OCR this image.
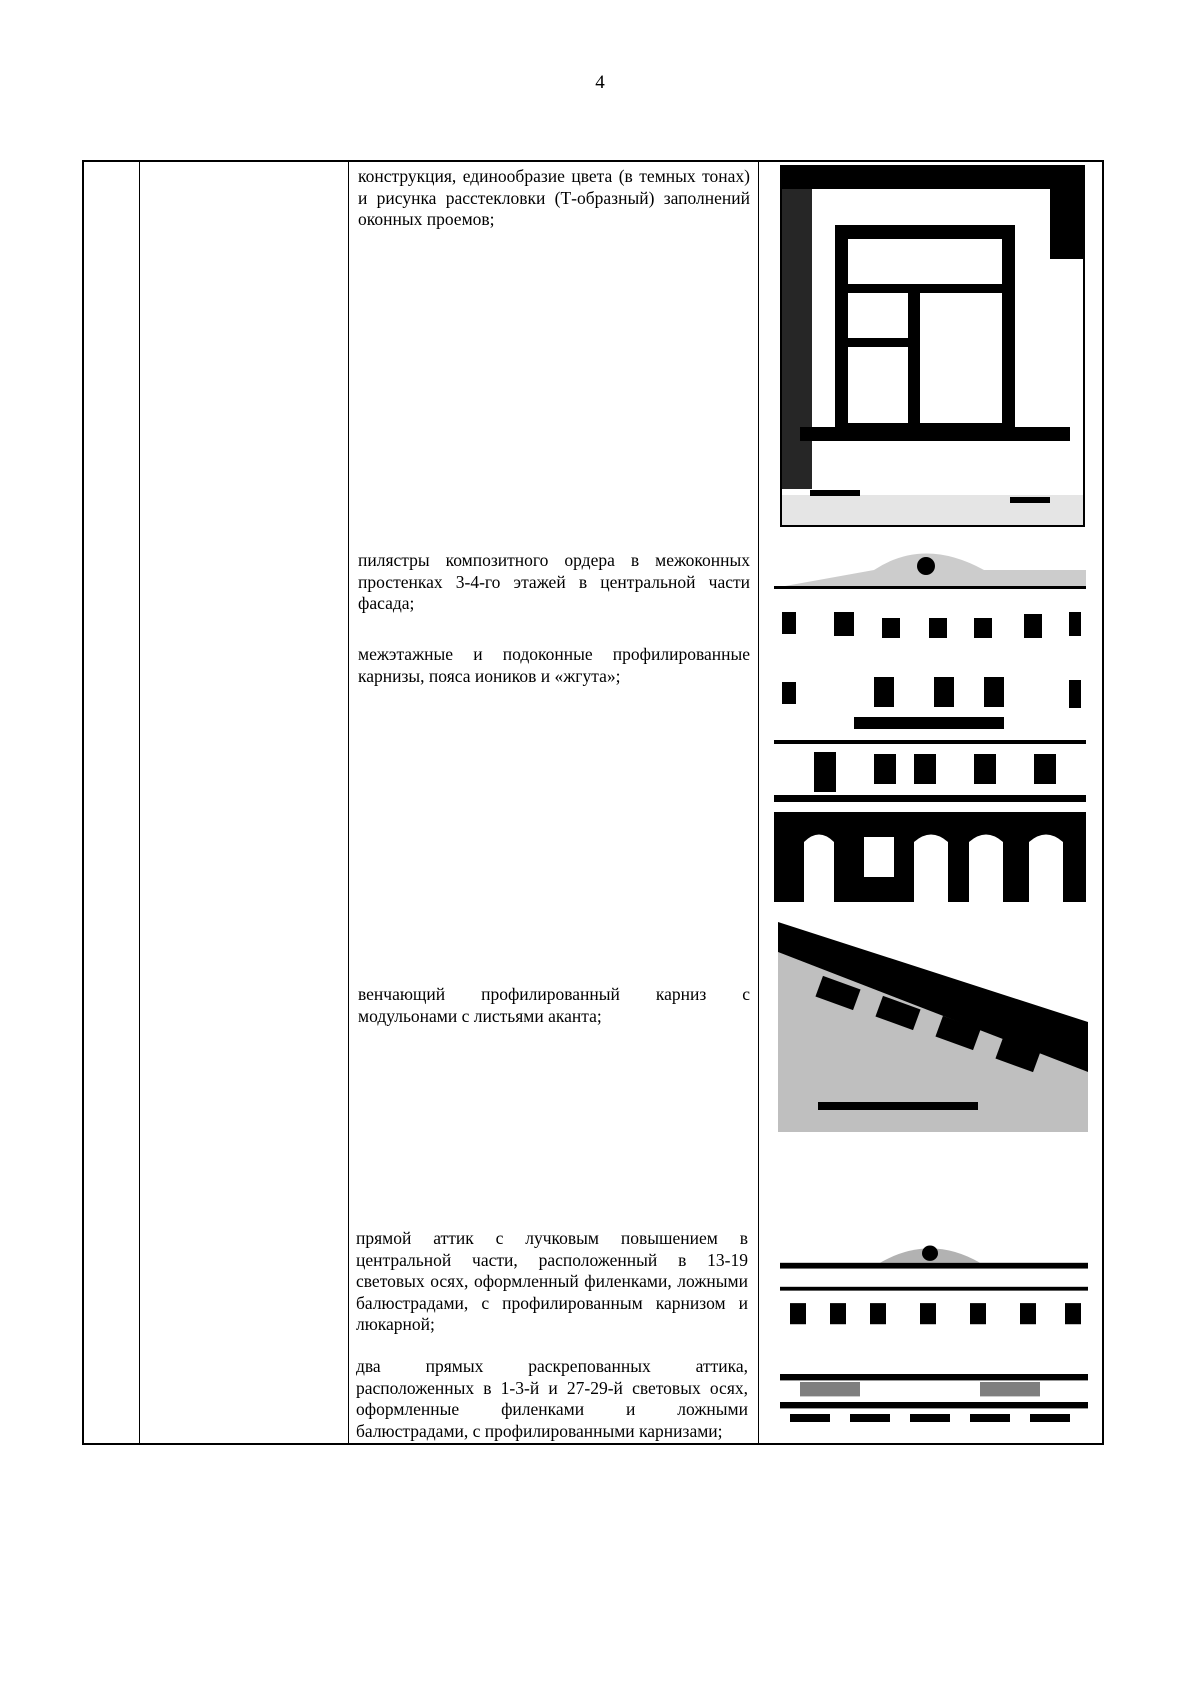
4
конструкция, единообразие цвета (в темных тонах) и рисунка расстекловки (Т-образный) заполнений оконных проемов;
пилястры композитного ордера в межоконных простенках 3-4-го этажей в центральной части фасада;
межэтажные и подоконные профилированные карнизы, пояса иоников и «жгута»;
венчающий профилированный карниз с модульонами с листьями аканта;
прямой аттик с лучковым повышением в центральной части, расположенный в 13-19 световых осях, оформленный филенками, ложными балюстрадами, с профилированным карнизом и люкарной;
два прямых раскрепованных аттика, расположенных в 1-3-й и 27-29-й световых осях, оформленные филенками и ложными балюстрадами, с профилированными карнизами;
